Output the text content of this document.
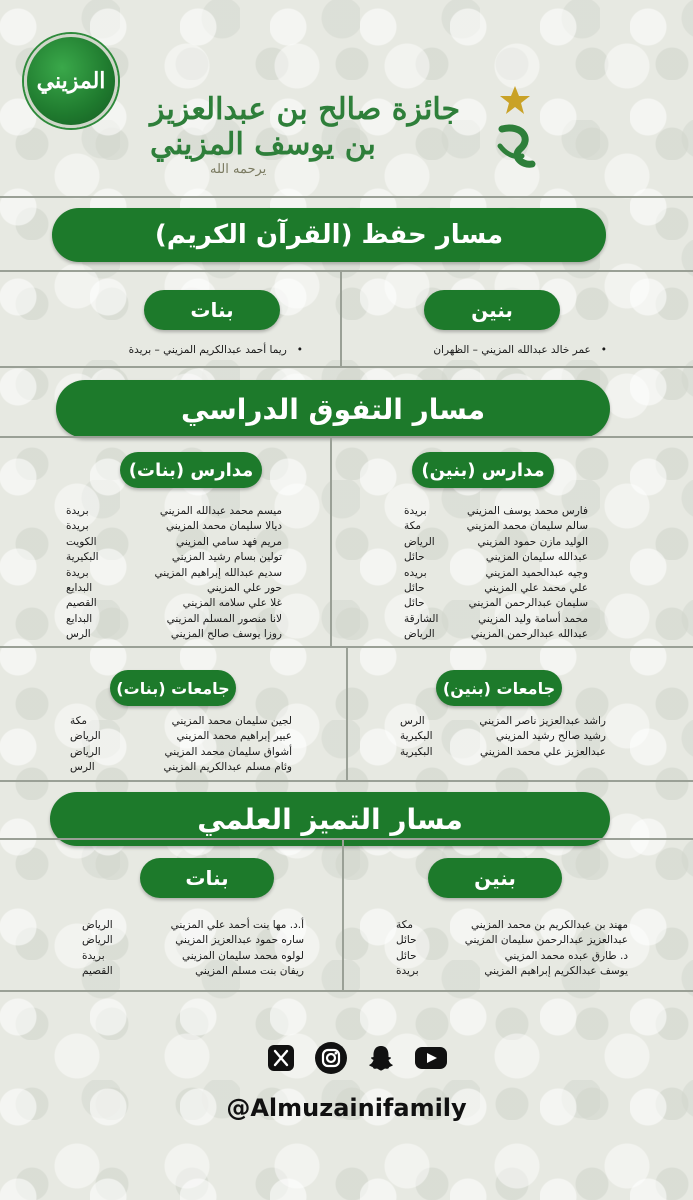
المزيني
جائزة صالح بن عبدالعزيز بن يوسف المزيني
يرحمه الله
مسار حفظ (القرآن الكريم)
بنين
بنات
• عمر خالد عبدالله المزيني – الظهران
• ريما أحمد عبدالكريم المزيني – بريدة
مسار التفوق الدراسي
مدارس (بنين)
مدارس (بنات)
فارس محمد يوسف المزيني
بريدة
سالم سليمان محمد المزيني
مكة
الوليد مازن حمود المزيني
الرياض
عبدالله سليمان المزيني
حائل
وجيه عبدالحميد المزيني
بريده
علي محمد علي المزيني
حائل
سليمان عبدالرحمن المزيني
حائل
محمد أسامة وليد المزيني
الشارقة
عبدالله عبدالرحمن المزيني
الرياض
ميسم محمد عبدالله المزيني
بريدة
ديالا سليمان محمد المزيني
بريدة
مريم فهد سامي المزيني
الكويت
تولين بسام رشيد المزيني
البكيرية
سديم عبدالله إبراهيم المزيني
بريدة
حور علي المزيني
البدايع
غلا علي سلامه المزيني
القصيم
لانا منصور المسلم المزيني
البدايع
روزا يوسف صالح المزيني
الرس
جامعات (بنين)
جامعات (بنات)
راشد عبدالعزيز ناصر المزيني
الرس
رشيد صالح رشيد المزيني
البكيرية
عبدالعزيز علي محمد المزيني
البكيرية
لجين سليمان محمد المزيني
مكة
عبير إبراهيم محمد المزيني
الرياض
أشواق سليمان محمد المزيني
الرياض
وئام مسلم عبدالكريم المزيني
الرس
مسار التميز العلمي
بنين
بنات
مهند بن عبدالكريم بن محمد المزيني
مكة
عبدالعزيز عبدالرحمن سليمان المزيني
حائل
د. طارق عبده محمد المزيني
حائل
يوسف عبدالكريم إبراهيم المزيني
بريدة
أ.د. مها بنت أحمد علي المزيني
الرياض
ساره حمود عبدالعزيز المزيني
الرياض
لولوه محمد سليمان المزيني
بريدة
ريفان بنت مسلم المزيني
القصيم
@Almuzainifamily
